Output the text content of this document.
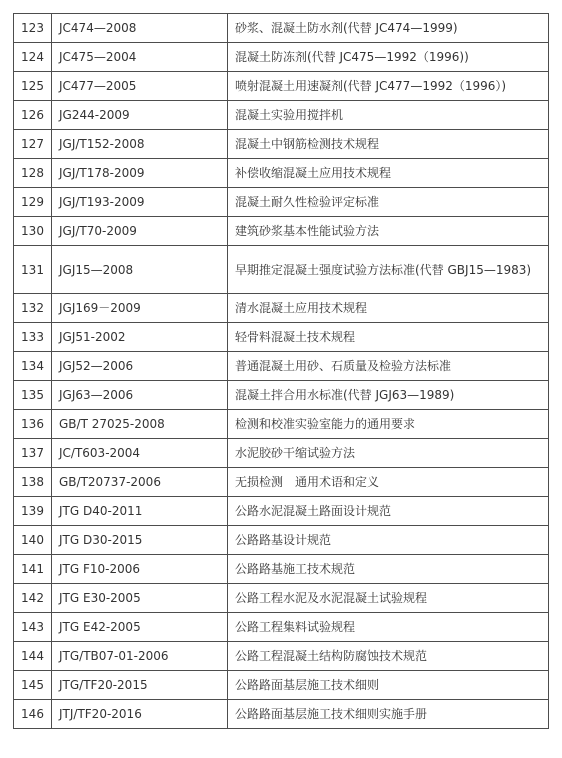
123	JC474—2008	砂浆、混凝土防水剂(代替 JC474—1999)
124	JC475—2004	混凝土防冻剂(代替 JC475—1992（1996))
125	JC477—2005	喷射混凝土用速凝剂(代替 JC477—1992（1996）)
126	JG244-2009	混凝土实验用搅拌机
127	JGJ/T152-2008	混凝土中钢筋检测技术规程
128	JGJ/T178-2009	补偿收缩混凝土应用技术规程
129	JGJ/T193-2009	混凝土耐久性检验评定标准
130	JGJ/T70-2009	建筑砂浆基本性能试验方法
131	JGJ15—2008	早期推定混凝土强度试验方法标准(代替 GBJ15—1983)
132	JGJ169－2009	清水混凝土应用技术规程
133	JGJ51-2002	轻骨料混凝土技术规程
134	JGJ52—2006	普通混凝土用砂、石质量及检验方法标准
135	JGJ63—2006	混凝土拌合用水标准(代替 JGJ63—1989)
136	GB/T 27025-2008	检测和校准实验室能力的通用要求
137	JC/T603-2004	水泥胶砂干缩试验方法
138	GB/T20737-2006	无损检测　通用术语和定义
139	JTG D40-2011	公路水泥混凝土路面设计规范
140	JTG D30-2015	公路路基设计规范
141	JTG F10-2006	公路路基施工技术规范
142	JTG E30-2005	公路工程水泥及水泥混凝土试验规程
143	JTG E42-2005	公路工程集料试验规程
144	JTG/TB07-01-2006	公路工程混凝土结构防腐蚀技术规范
145	JTG/TF20-2015	公路路面基层施工技术细则
146	JTJ/TF20-2016	公路路面基层施工技术细则实施手册
